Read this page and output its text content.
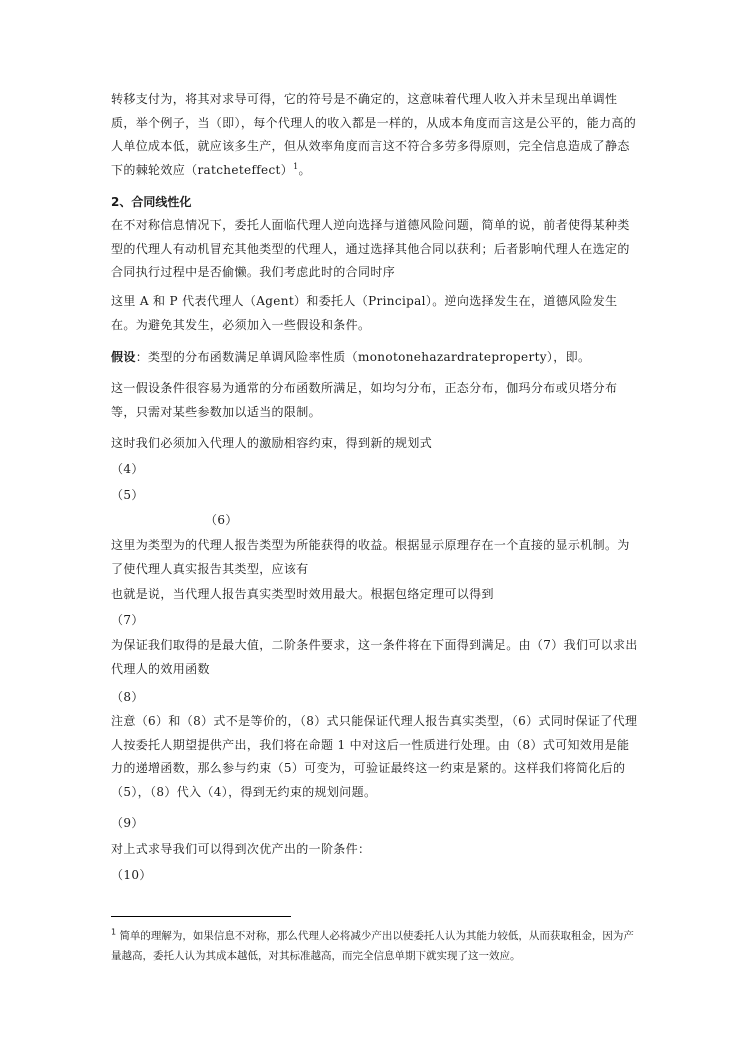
转移支付为，将其对求导可得，它的符号是不确定的，这意味着代理人收入并未呈现出单调性质，举个例子，当（即），每个代理人的收入都是一样的，从成本角度而言这是公平的，能力高的人单位成本低，就应该多生产，但从效率角度而言这不符合多劳多得原则，完全信息造成了静态下的棘轮效应（ratcheteffect）$^1$。

2、合同线性化

在不对称信息情况下，委托人面临代理人逆向选择与道德风险问题，简单的说，前者使得某种类型的代理人有动机冒充其他类型的代理人，通过选择其他合同以获利；后者影响代理人在选定的合同执行过程中是否偷懒。我们考虑此时的合同时序

这里 A 和 P 代表代理人（Agent）和委托人（Principal）。逆向选择发生在，道德风险发生在。为避免其发生，必须加入一些假设和条件。

假设：类型的分布函数满足单调风险率性质（monotonehazardrateproperty），即。

这一假设条件很容易为通常的分布函数所满足，如均匀分布，正态分布，伽玛分布或贝塔分布等，只需对某些参数加以适当的限制。

这时我们必须加入代理人的激励相容约束，得到新的规划式

（4）

（5）

（6）

这里为类型为的代理人报告类型为所能获得的收益。根据显示原理存在一个直接的显示机制。为了使代理人真实报告其类型，应该有

也就是说，当代理人报告真实类型时效用最大。根据包络定理可以得到

（7）

为保证我们取得的是最大值，二阶条件要求，这一条件将在下面得到满足。由（7）我们可以求出代理人的效用函数

（8）

注意（6）和（8）式不是等价的，（8）式只能保证代理人报告真实类型，（6）式同时保证了代理人按委托人期望提供产出，我们将在命题 1 中对这后一性质进行处理。由（8）式可知效用是能力的递增函数，那么参与约束（5）可变为，可验证最终这一约束是紧的。这样我们将简化后的（5），（8）代入（4），得到无约束的规划问题。

（9）

对上式求导我们可以得到次优产出的一阶条件：

（10）

$^1$ 简单的理解为，如果信息不对称，那么代理人必将减少产出以使委托人认为其能力较低，从而获取租金，因为产量越高，委托人认为其成本越低，对其标准越高，而完全信息单期下就实现了这一效应。
